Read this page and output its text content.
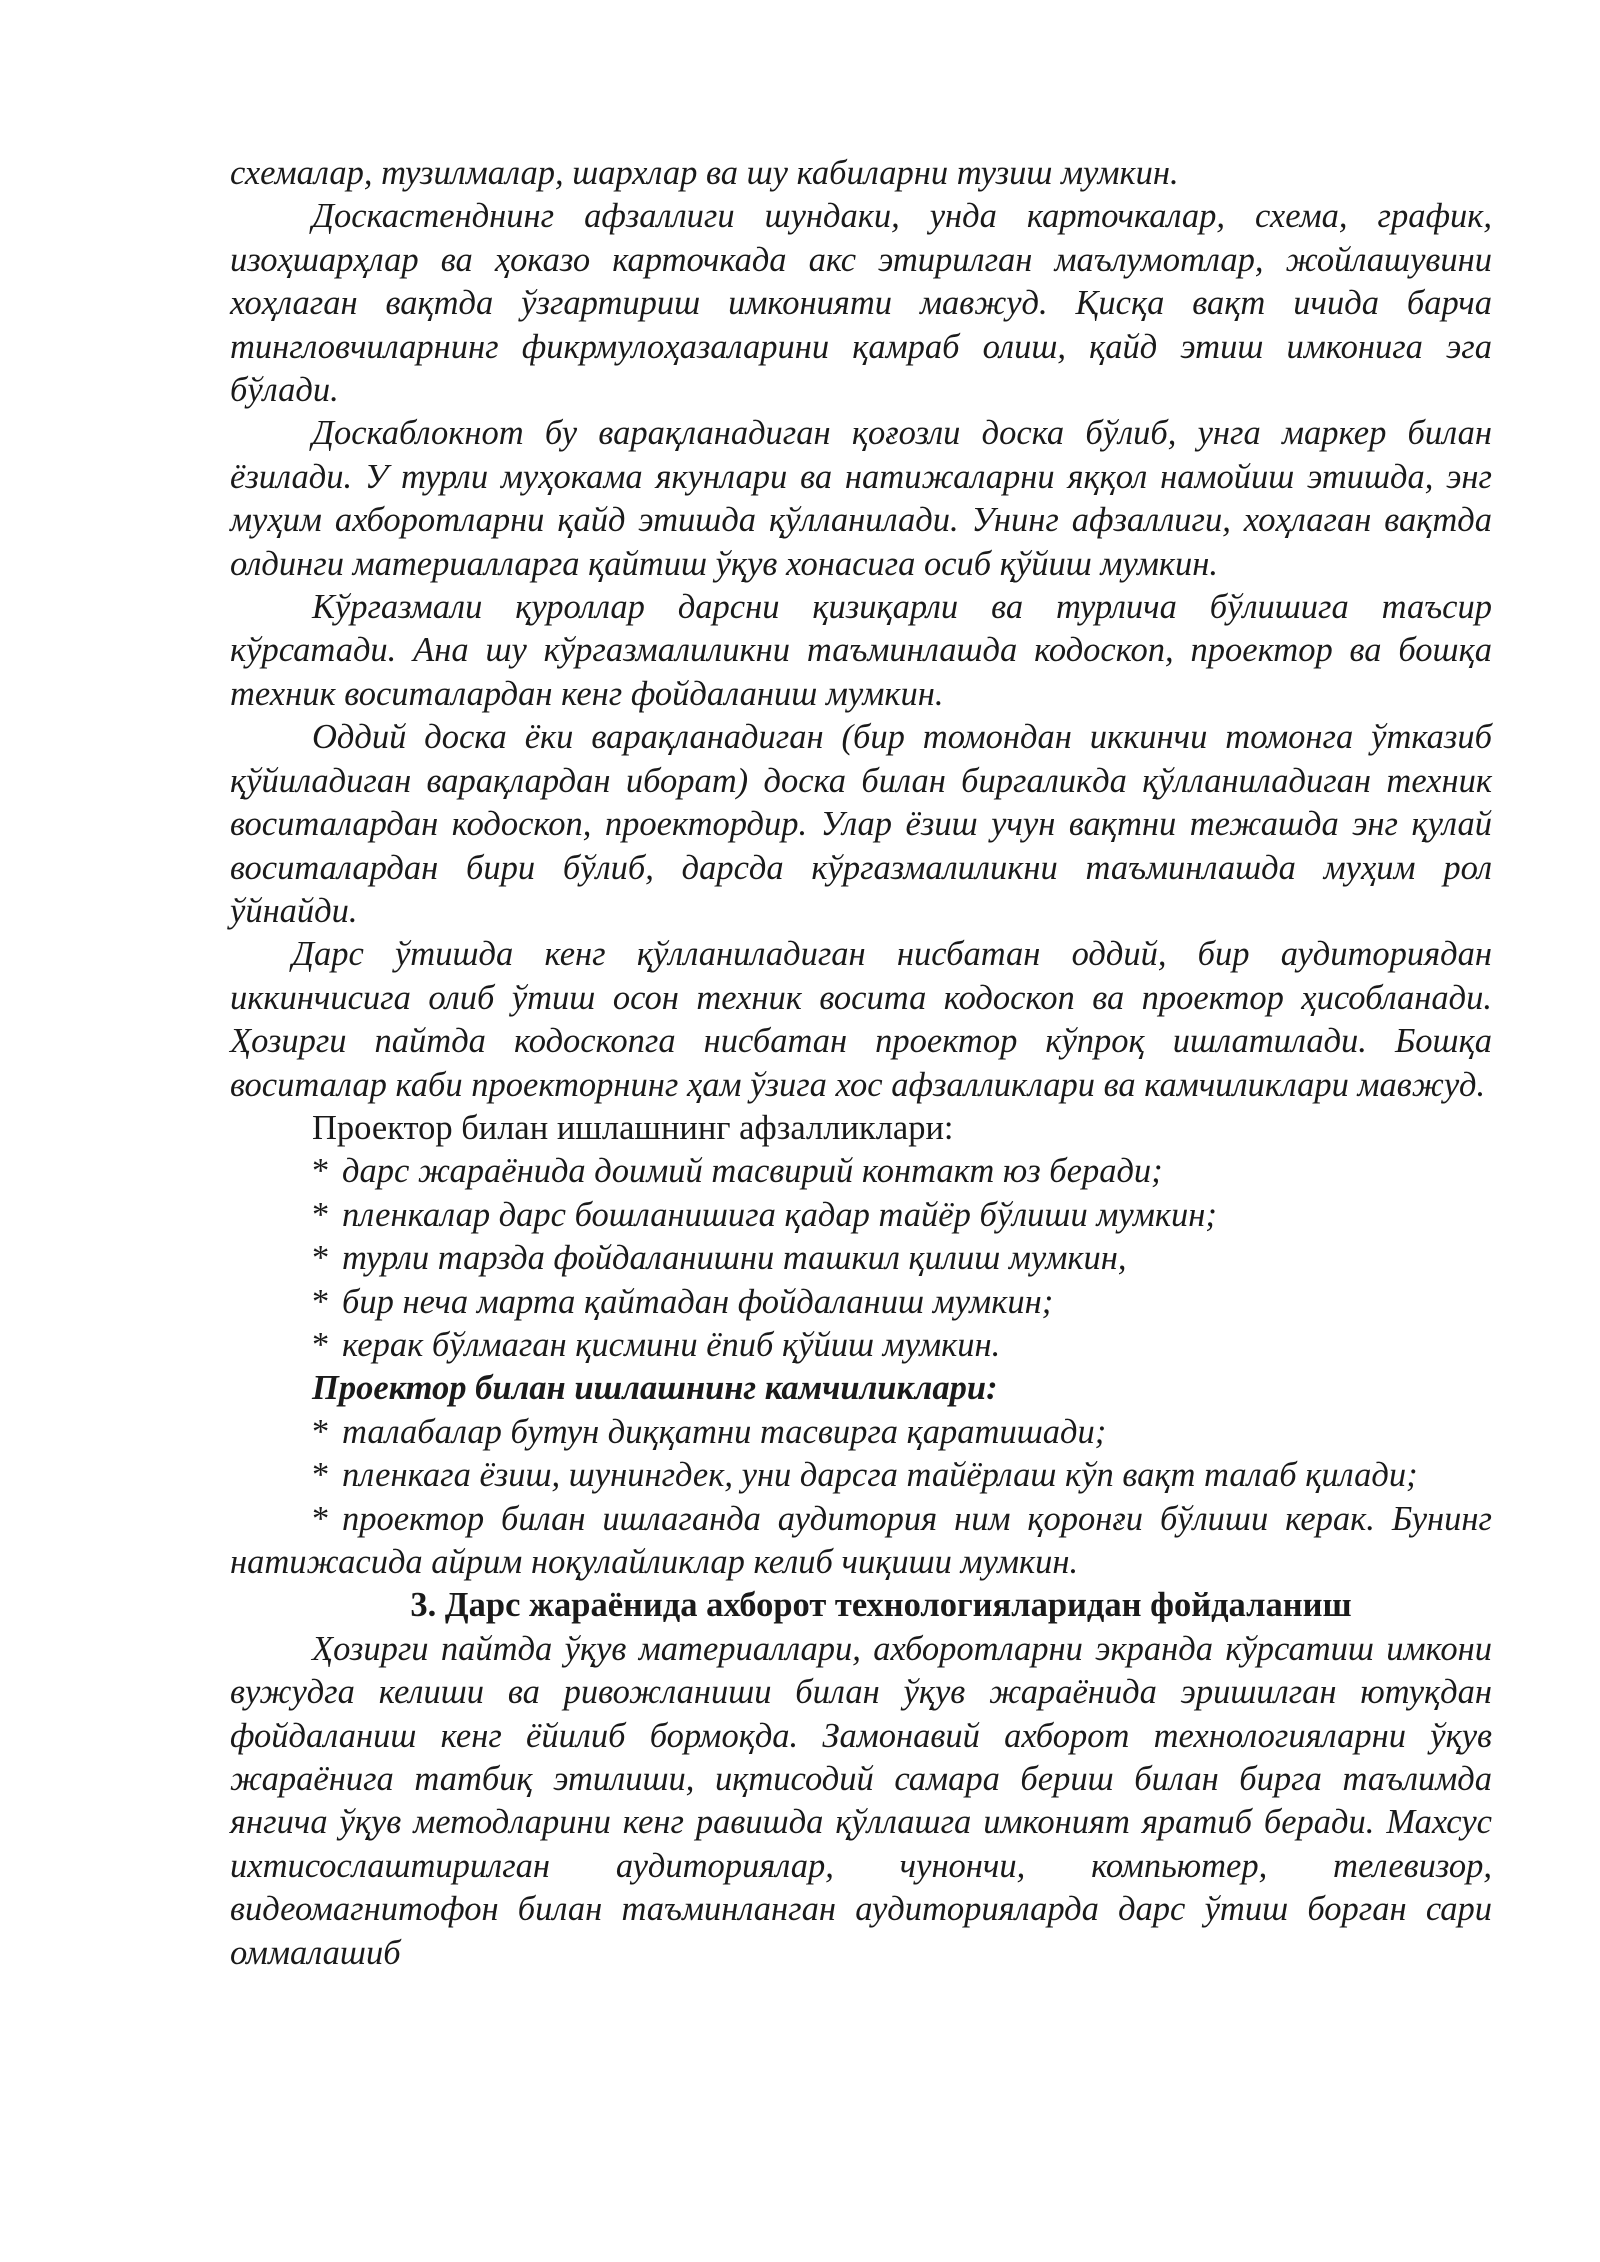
схемалар, тузилмалар, шархлар ва шу кабиларни тузиш мумкин.

Доскастенднинг афзаллиги шундаки, унда карточкалар, схема, график, изоҳшарҳлар ва ҳоказо карточкада акс этирилган маълумотлар, жойлашувини хоҳлаган вақтда ўзгартириш имконияти мавжуд. Қисқа вақт ичида барча тингловчиларнинг фикрмулоҳазаларини қамраб олиш, қайд этиш имконига эга бўлади.

Доскаблокнот бу варақланадиган қоғозли доска бўлиб, унга маркер билан ёзилади. У турли муҳокама якунлари ва натижаларни яққол намойиш этишда, энг муҳим ахборотларни қайд этишда қўлланилади. Унинг афзаллиги, хоҳлаган вақтда олдинги материалларга қайтиш ўқув хонасига осиб қўйиш мумкин.

Кўргазмали қуроллар дарсни қизиқарли ва турлича бўлишига таъсир кўрсатади. Ана шу кўргазмалиликни таъминлашда кодоскоп, проектор ва бошқа техник воситалардан кенг фойдаланиш мумкин.

Оддий доска ёки варақланадиган (бир томондан иккинчи томонга ўтказиб қўйиладиган варақлардан иборат) доска билан биргаликда қўлланиладиган техник воситалардан кодоскоп, проектордир. Улар ёзиш учун вақтни тежашда энг қулай воситалардан бири бўлиб, дарсда кўргазмалиликни таъминлашда муҳим рол ўйнайди.

Дарс ўтишда кенг қўлланиладиган нисбатан оддий, бир аудиториядан иккинчисига олиб ўтиш осон техник восита кодоскоп ва проектор ҳисобланади. Ҳозирги пайтда кодоскопга нисбатан проектор кўпроқ ишлатилади. Бошқа воситалар каби проекторнинг ҳам ўзига хос афзалликлари ва камчиликлари мавжуд.

Проектор билан ишлашнинг афзалликлари:

* дарс жараёнида доимий тасвирий контакт юз беради;

* пленкалар дарс бошланишига қадар тайёр бўлиши мумкин;

* турли тарзда фойдаланишни ташкил қилиш мумкин,

* бир неча марта қайтадан фойдаланиш мумкин;

* керак бўлмаган қисмини ёпиб қўйиш мумкин.

Проектор билан ишлашнинг камчиликлари:

* талабалар бутун диққатни тасвирга қаратишади;

* пленкага ёзиш, шунингдек, уни дарсга тайёрлаш кўп вақт талаб қилади;

* проектор билан ишлаганда аудитория ним қоронғи бўлиши керак. Бунинг натижасида айрим ноқулайликлар келиб чиқиши мумкин.

3. Дарс жараёнида ахборот технологияларидан фойдаланиш

Ҳозирги пайтда ўқув материаллари, ахборотларни экранда кўрсатиш имкони вужудга келиши ва ривожланиши билан ўқув жараёнида эришилган ютуқдан фойдаланиш кенг ёйилиб бормоқда. Замонавий ахборот технологияларни ўқув жараёнига татбиқ этилиши, иқтисодий самара бериш билан бирга таълимда янгича ўқув методларини кенг равишда қўллашга имконият яратиб беради. Махсус ихтисослаштирилган аудиториялар, чунончи, компьютер, телевизор, видеомагнитофон билан таъминланган аудиторияларда дарс ўтиш борган сари оммалашиб
